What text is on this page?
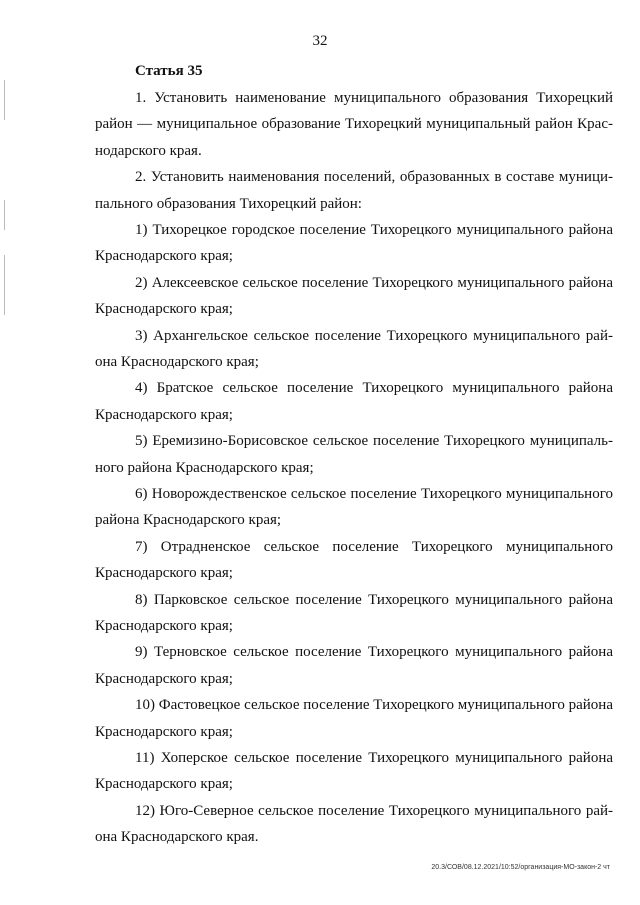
32
Статья 35
1. Установить наименование муниципального образования Тихорецкий
район — муниципальное образование Тихорецкий муниципальный район Крас-
нодарского края.
2. Установить наименования поселений, образованных в составе муници-
пального образования Тихорецкий район:
1) Тихорецкое городское поселение Тихорецкого муниципального района
Краснодарского края;
2) Алексеевское сельское поселение Тихорецкого муниципального района
Краснодарского края;
3) Архангельское сельское поселение Тихорецкого муниципального рай-
она Краснодарского края;
4) Братское сельское поселение Тихорецкого муниципального района
Краснодарского края;
5) Еремизино-Борисовское сельское поселение Тихорецкого муниципаль-
ного района Краснодарского края;
6) Новорождественское сельское поселение Тихорецкого муниципального
района Краснодарского края;
7) Отрадненское сельское поселение Тихорецкого муниципального
Краснодарского края;
8) Парковское сельское поселение Тихорецкого муниципального района
Краснодарского края;
9) Терновское сельское поселение Тихорецкого муниципального района
Краснодарского края;
10) Фастовецкое сельское поселение Тихорецкого муниципального района
Краснодарского края;
11) Хоперское сельское поселение Тихорецкого муниципального района
Краснодарского края;
12) Юго-Северное сельское поселение Тихорецкого муниципального рай-
она Краснодарского края.
20.3/СОВ/08.12.2021/10:52/организация-МО-закон-2 чт
